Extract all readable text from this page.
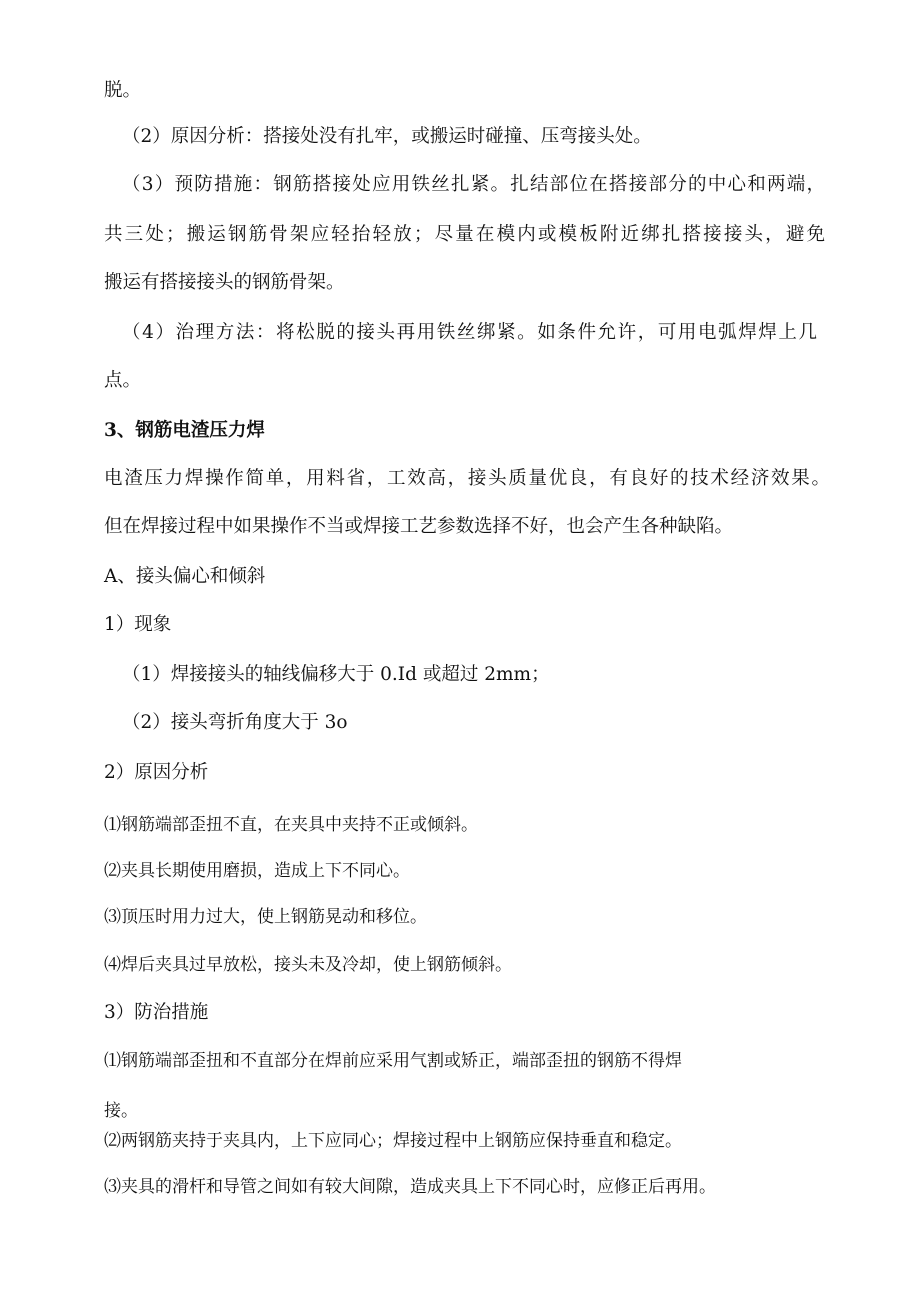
脱。
（2）原因分析：搭接处没有扎牢，或搬运时碰撞、压弯接头处。
（3）预防措施：钢筋搭接处应用铁丝扎紧。扎结部位在搭接部分的中心和两端，
共三处；搬运钢筋骨架应轻抬轻放；尽量在模内或模板附近绑扎搭接接头，避免
搬运有搭接接头的钢筋骨架。
（4）治理方法：将松脱的接头再用铁丝绑紧。如条件允许，可用电弧焊焊上几
点。
3、钢筋电渣压力焊
电渣压力焊操作简单，用料省，工效高，接头质量优良，有良好的技术经济效果。
但在焊接过程中如果操作不当或焊接工艺参数选择不好，也会产生各种缺陷。
A、接头偏心和倾斜
1）现象
（1）焊接接头的轴线偏移大于 0.Id 或超过 2mm；
（2）接头弯折角度大于 3o
2）原因分析
⑴钢筋端部歪扭不直，在夹具中夹持不正或倾斜。
⑵夹具长期使用磨损，造成上下不同心。
⑶顶压时用力过大，使上钢筋晃动和移位。
⑷焊后夹具过早放松，接头未及冷却，使上钢筋倾斜。
3）防治措施
⑴钢筋端部歪扭和不直部分在焊前应采用气割或矫正，端部歪扭的钢筋不得焊
接。
⑵两钢筋夹持于夹具内，上下应同心；焊接过程中上钢筋应保持垂直和稳定。
⑶夹具的滑杆和导管之间如有较大间隙，造成夹具上下不同心时，应修正后再用。
